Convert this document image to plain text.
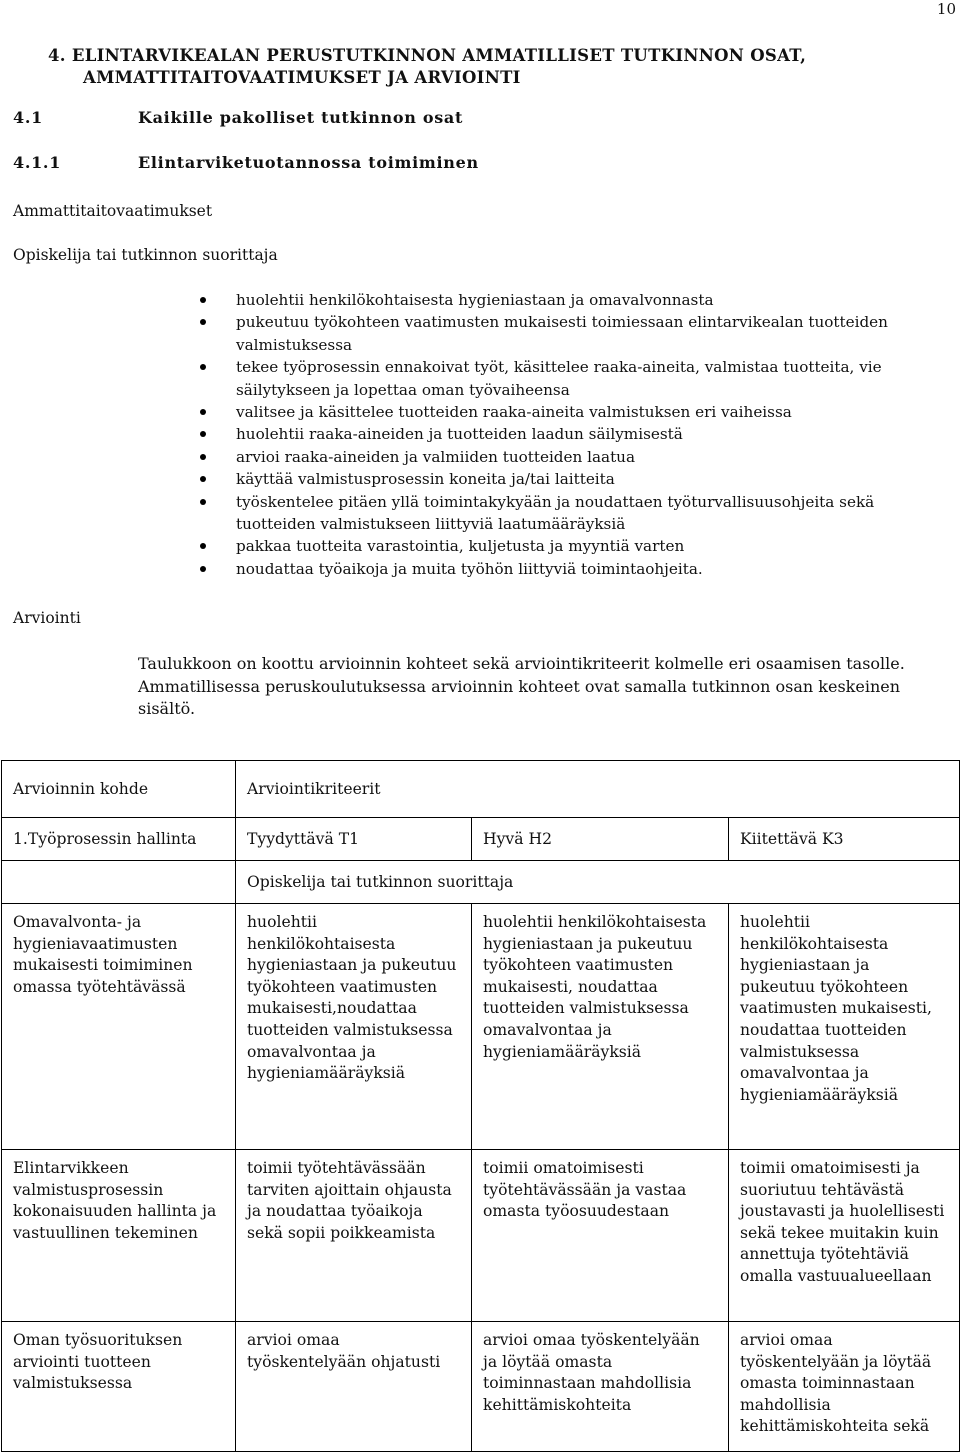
10
4. ELINTARVIKEALAN PERUSTUTKINNON AMMATILLISET TUTKINNON OSAT,
AMMATTITAITOVAATIMUKSET JA ARVIOINTI
4.1	Kaikille pakolliset tutkinnon osat
4.1.1	Elintarviketuotannossa toimiminen
Ammattitaitovaatimukset
Opiskelija tai tutkinnon suorittaja
huolehtii henkilökohtaisesta hygieniastaan ja omavalvonnasta
pukeutuu työkohteen vaatimusten mukaisesti toimiessaan elintarvikealan tuotteiden valmistuksessa
tekee työprosessin ennakoivat työt, käsittelee raaka-aineita, valmistaa tuotteita, vie säilytykseen ja lopettaa oman työvaiheensa
valitsee ja käsittelee tuotteiden raaka-aineita valmistuksen eri vaiheissa
huolehtii raaka-aineiden ja tuotteiden laadun säilymisestä
arvioi raaka-aineiden ja valmiiden tuotteiden laatua
käyttää valmistusprosessin koneita ja/tai laitteita
työskentelee pitäen yllä toimintakykyään ja noudattaen työturvallisuusohjeita sekä tuotteiden valmistukseen liittyviä laatumääräyksiä
pakkaa tuotteita varastointia, kuljetusta ja myyntiä varten
noudattaa työaikoja ja muita työhön liittyviä toimintaohjeita.
Arviointi
Taulukkoon on koottu arvioinnin kohteet sekä arviointikriteerit kolmelle eri osaamisen tasolle. Ammatillisessa peruskoulutuksessa arvioinnin kohteet ovat samalla tutkinnon osan keskeinen sisältö.
Arvioinnin kohde	Arviointikriteerit		
1.Työprosessin hallinta	Tyydyttävä T1	Hyvä H2	Kiitettävä K3
	Opiskelija tai tutkinnon suorittaja		
Omavalvonta- ja hygieniavaatimusten mukaisesti toimiminen omassa työtehtävässä	huolehtii henkilökohtaisesta hygieniastaan ja pukeutuu työkohteen vaatimusten mukaisesti,noudattaa tuotteiden valmistuksessa omavalvontaa ja hygieniamääräyksiä	huolehtii henkilökohtaisesta hygieniastaan ja pukeutuu työkohteen vaatimusten mukaisesti, noudattaa tuotteiden valmistuksessa omavalvontaa ja hygieniamääräyksiä	huolehtii henkilökohtaisesta hygieniastaan ja pukeutuu työkohteen vaatimusten mukaisesti, noudattaa tuotteiden valmistuksessa omavalvontaa ja hygieniamääräyksiä
Elintarvikkeen valmistusprosessin kokonaisuuden hallinta ja vastuullinen tekeminen	toimii työtehtävässään tarviten ajoittain ohjausta ja noudattaa työaikoja sekä sopii poikkeamista	toimii omatoimisesti työtehtävässään ja vastaa omasta työosuudestaan	toimii omatoimisesti ja suoriutuu tehtävästä joustavasti ja huolellisesti sekä tekee muitakin kuin annettuja työtehtäviä omalla vastuualueellaan
Oman työsuorituksen arviointi tuotteen valmistuksessa	arvioi omaa työskentelyään ohjatusti	arvioi omaa työskentelyään ja löytää omasta toiminnastaan mahdollisia kehittämiskohteita	arvioi omaa työskentelyään ja löytää omasta toiminnastaan mahdollisia kehittämiskohteita sekä
